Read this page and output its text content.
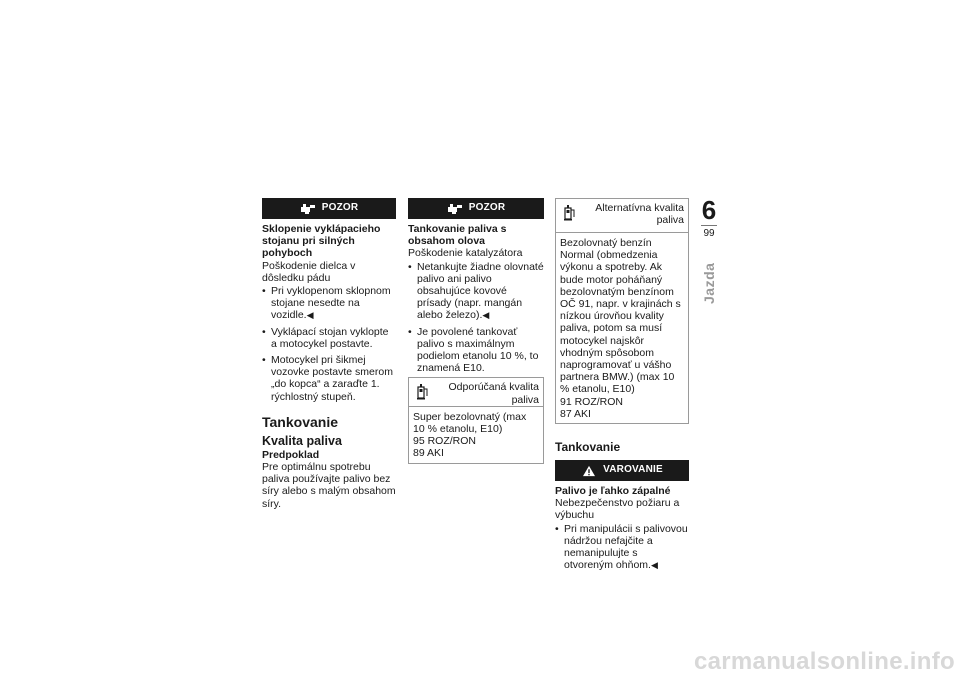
POZOR
Sklopenie vyklápacieho stojanu pri silných pohyboch

Poškodenie dielca v dôsledku pádu

• Pri vyklopenom sklopnom stojane nesedte na vozidle.◀
• Vyklápací stojan vyklopte a motocykel postavte.
• Motocykel pri šikmej vozovke postavte smerom „do kopca“ a zaraďte 1. rýchlostný stupeň.
Tankovanie
Kvalita paliva
Predpoklad

Pre optimálnu spotrebu paliva používajte palivo bez síry alebo s malým obsahom síry.

POZOR
Tankovanie paliva s obsahom olova

Poškodenie katalyzátora

• Netankujte žiadne olovnaté palivo ani palivo obsahujúce kovové prísady (napr. mangán alebo železo).◀
• Je povolené tankovať palivo s maximálnym podielom etanolu 10 %, to znamená E10.
Odporúčaná kvalita paliva
Super bezolovnatý (max 10 % etanolu, E10)
95 ROZ/RON
89 AKI
Alternatívna kvalita paliva
Bezolovnatý benzín Normal (obmedzenia výkonu a spotreby. Ak bude motor poháňaný bezolovnatým benzínom OČ 91, napr. v krajinách s nízkou úrovňou kvality paliva, potom sa musí motocykel najskôr vhodným spôsobom naprogramovať u vášho partnera BMW.) (max 10 % etanolu, E10)
91 ROZ/RON
87 AKI
Tankovanie
VAROVANIE
Palivo je ľahko zápalné

Nebezpečenstvo požiaru a výbuchu

• Pri manipulácii s palivovou nádržou nefajčite a nemanipulujte s otvoreným ohňom.◀
6
99
Jazda
carmanualsonline.info
